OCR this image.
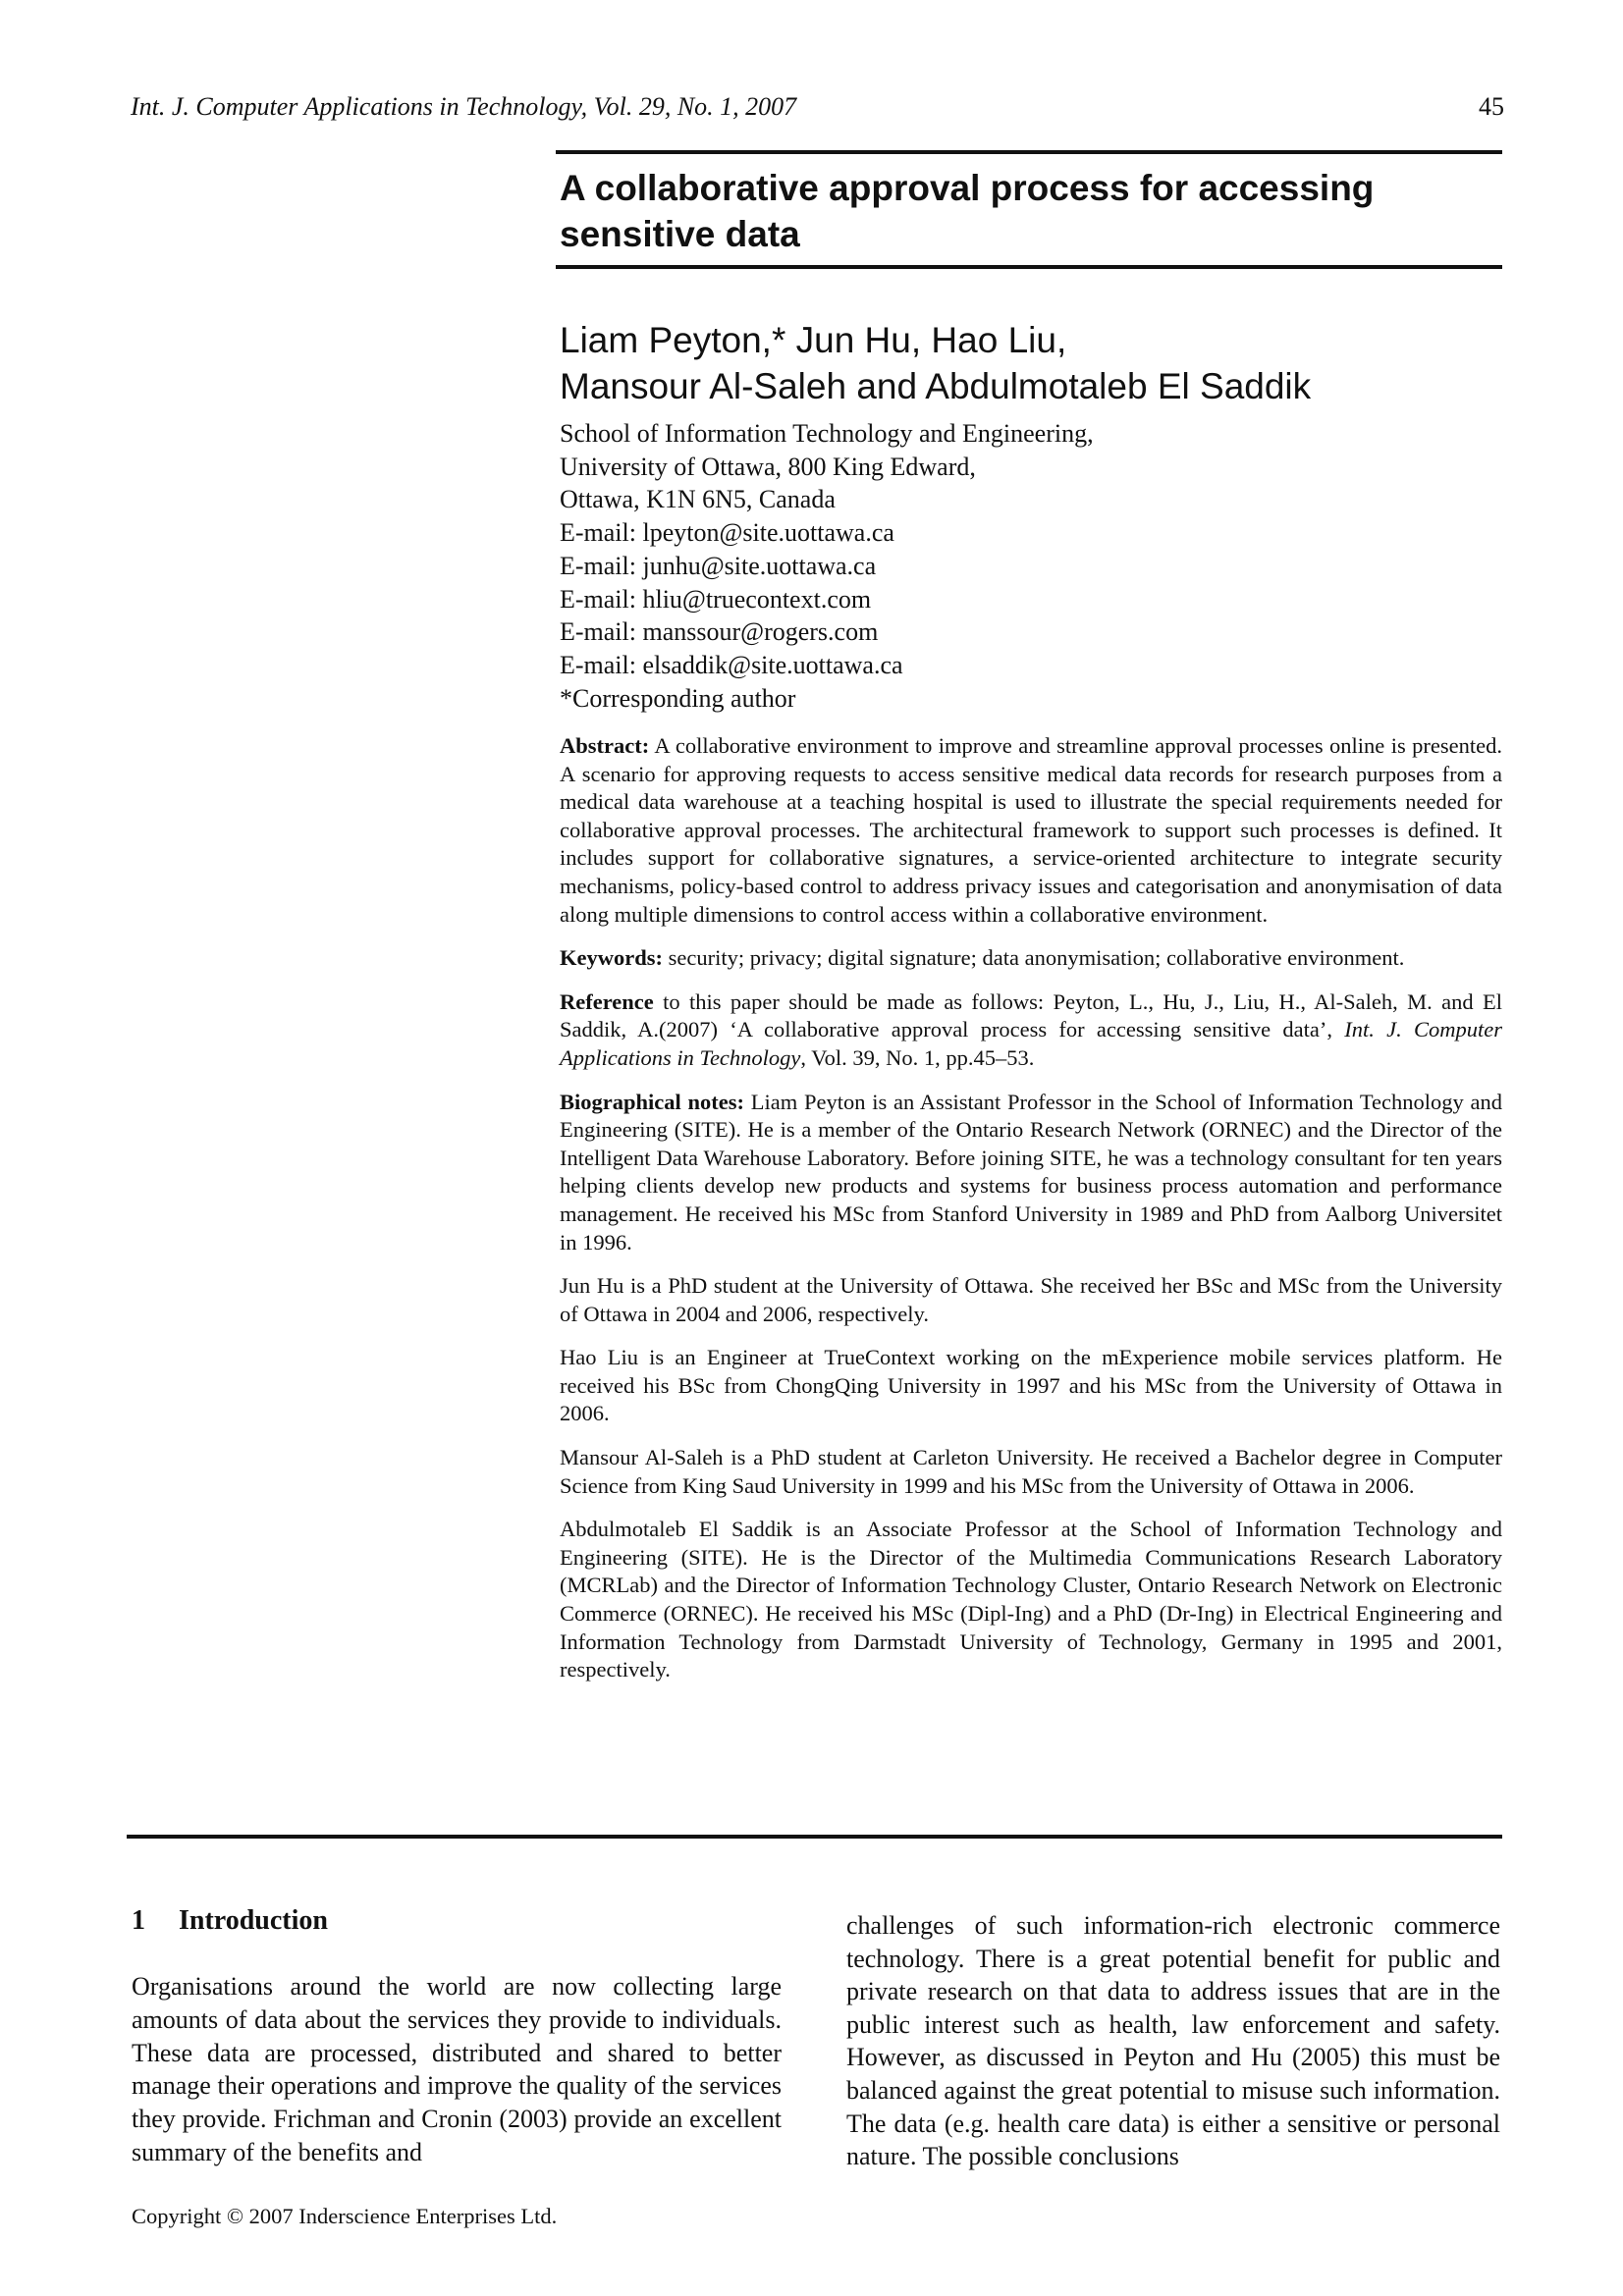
Int. J. Computer Applications in Technology, Vol. 29, No. 1, 2007	45
A collaborative approval process for accessing
sensitive data
Liam Peyton,* Jun Hu, Hao Liu,
Mansour Al-Saleh and Abdulmotaleb El Saddik
School of Information Technology and Engineering,
University of Ottawa, 800 King Edward,
Ottawa, K1N 6N5, Canada
E-mail: lpeyton@site.uottawa.ca
E-mail: junhu@site.uottawa.ca
E-mail: hliu@truecontext.com
E-mail: manssour@rogers.com
E-mail: elsaddik@site.uottawa.ca
*Corresponding author

Abstract: A collaborative environment to improve and streamline approval processes online is presented. A scenario for approving requests to access sensitive medical data records for research purposes from a medical data warehouse at a teaching hospital is used to illustrate the special requirements needed for collaborative approval processes. The architectural framework to support such processes is defined. It includes support for collaborative signatures, a service-oriented architecture to integrate security mechanisms, policy-based control to address privacy issues and categorisation and anonymisation of data along multiple dimensions to control access within a collaborative environment.

Keywords: security; privacy; digital signature; data anonymisation; collaborative environment.

Reference to this paper should be made as follows: Peyton, L., Hu, J., Liu, H., Al-Saleh, M. and El Saddik, A.(2007) ‘A collaborative approval process for accessing sensitive data’, Int. J. Computer Applications in Technology, Vol. 39, No. 1, pp.45–53.

Biographical notes: Liam Peyton is an Assistant Professor in the School of Information Technology and Engineering (SITE). He is a member of the Ontario Research Network (ORNEC) and the Director of the Intelligent Data Warehouse Laboratory. Before joining SITE, he was a technology consultant for ten years helping clients develop new products and systems for business process automation and performance management. He received his MSc from Stanford University in 1989 and PhD from Aalborg Universitet in 1996.

Jun Hu is a PhD student at the University of Ottawa. She received her BSc and MSc from the University of Ottawa in 2004 and 2006, respectively.

Hao Liu is an Engineer at TrueContext working on the mExperience mobile services platform. He received his BSc from ChongQing University in 1997 and his MSc from the University of Ottawa in 2006.

Mansour Al-Saleh is a PhD student at Carleton University. He received a Bachelor degree in Computer Science from King Saud University in 1999 and his MSc from the University of Ottawa in 2006.

Abdulmotaleb El Saddik is an Associate Professor at the School of Information Technology and Engineering (SITE). He is the Director of the Multimedia Communications Research Laboratory (MCRLab) and the Director of Information Technology Cluster, Ontario Research Network on Electronic Commerce (ORNEC). He received his MSc (Dipl-Ing) and a PhD (Dr-Ing) in Electrical Engineering and Information Technology from Darmstadt University of Technology, Germany in 1995 and 2001, respectively.

1 Introduction

Organisations around the world are now collecting large amounts of data about the services they provide to individuals. These data are processed, distributed and shared to better manage their operations and improve the quality of the services they provide. Frichman and Cronin (2003) provide an excellent summary of the benefits and

challenges of such information-rich electronic commerce technology. There is a great potential benefit for public and private research on that data to address issues that are in the public interest such as health, law enforcement and safety. However, as discussed in Peyton and Hu (2005) this must be balanced against the great potential to misuse such information. The data (e.g. health care data) is either a sensitive or personal nature. The possible conclusions

Copyright © 2007 Inderscience Enterprises Ltd.
